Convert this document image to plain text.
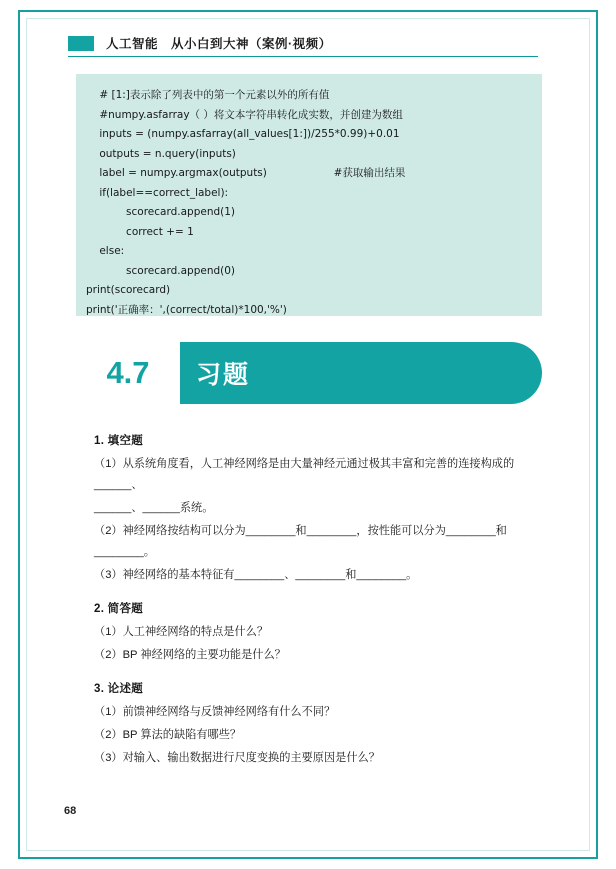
人工智能　从小白到大神（案例·视频）
# [1:]表示除了列表中的第一个元素以外的所有值
#numpy.asfarray（ ）将文本字符串转化成实数，并创建为数组
inputs = (numpy.asfarray(all_values[1:])/255*0.99)+0.01
outputs = n.query(inputs)
label = numpy.argmax(outputs)                    #获取输出结果
if(label==correct_label):
scorecard.append(1)
correct += 1
else:
scorecard.append(0)
print(scorecard)
print('正确率：',(correct/total)*100,'%')
4.7 习题
1. 填空题

（1）从系统角度看，人工神经网络是由大量神经元通过极其丰富和完善的连接构成的______、

______、______系统。

（2）神经网络按结构可以分为________和________，按性能可以分为________和________。

（3）神经网络的基本特征有________、________和________。

2. 简答题

（1）人工神经网络的特点是什么？

（2）BP 神经网络的主要功能是什么？

3. 论述题

（1）前馈神经网络与反馈神经网络有什么不同？

（2）BP 算法的缺陷有哪些？

（3）对输入、输出数据进行尺度变换的主要原因是什么？

68
